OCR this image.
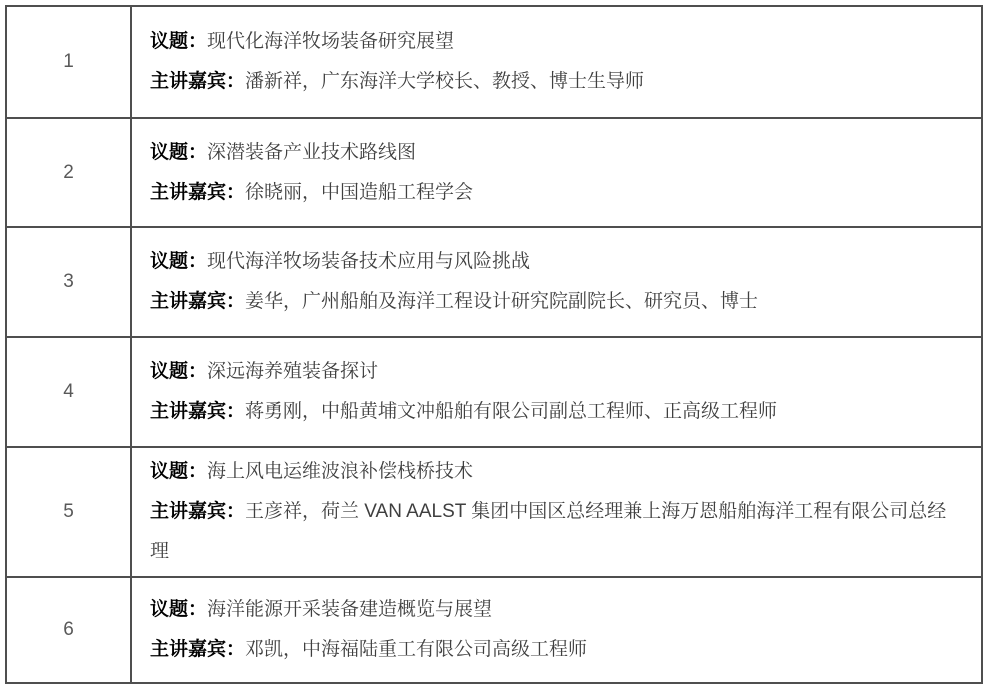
1	议题：现代化海洋牧场装备研究展望

主讲嘉宾：潘新祥，广东海洋大学校长、教授、博士生导师

2	议题：深潜装备产业技术路线图

主讲嘉宾：徐晓丽，中国造船工程学会

3	议题：现代海洋牧场装备技术应用与风险挑战

主讲嘉宾：姜华，广州船舶及海洋工程设计研究院副院长、研究员、博士

4	议题：深远海养殖装备探讨

主讲嘉宾：蒋勇刚，中船黄埔文冲船舶有限公司副总工程师、正高级工程师

5	议题：海上风电运维波浪补偿栈桥技术

主讲嘉宾：王彦祥，荷兰 VAN AALST 集团中国区总经理兼上海万恩船舶海洋工程有限公司总经理

6	议题：海洋能源开采装备建造概览与展望

主讲嘉宾：邓凯，中海福陆重工有限公司高级工程师
